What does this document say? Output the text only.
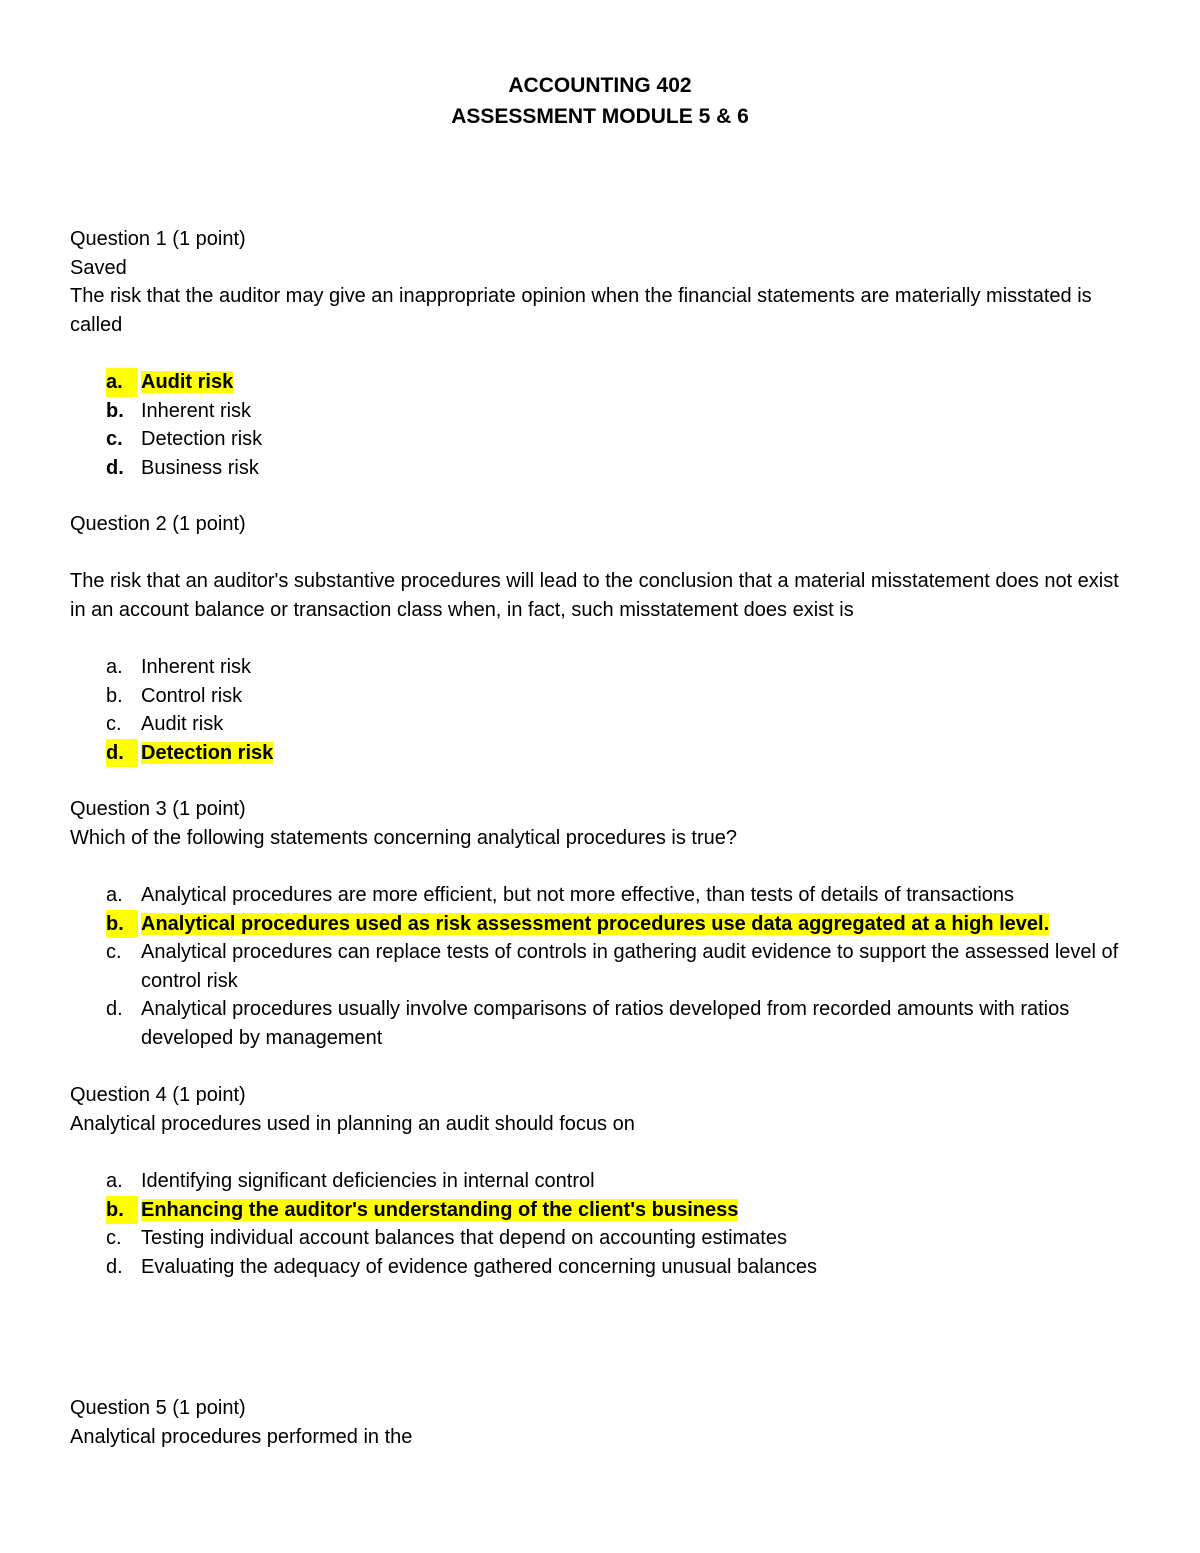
ACCOUNTING 402
ASSESSMENT MODULE 5 & 6

Question 1 (1 point)

Saved

The risk that the auditor may give an inappropriate opinion when the financial statements are materially misstated is called

a. Audit risk
b. Inherent risk
c. Detection risk
d. Business risk

Question 2 (1 point)

The risk that an auditor's substantive procedures will lead to the conclusion that a material misstatement does not exist in an account balance or transaction class when, in fact, such misstatement does exist is

a. Inherent risk
b. Control risk
c. Audit risk
d. Detection risk

Question 3 (1 point)

Which of the following statements concerning analytical procedures is true?

a. Analytical procedures are more efficient, but not more effective, than tests of details of transactions
b. Analytical procedures used as risk assessment procedures use data aggregated at a high level.
c. Analytical procedures can replace tests of controls in gathering audit evidence to support the assessed level of control risk
d. Analytical procedures usually involve comparisons of ratios developed from recorded amounts with ratios developed by management

Question 4 (1 point)

Analytical procedures used in planning an audit should focus on

a. Identifying significant deficiencies in internal control
b. Enhancing the auditor's understanding of the client's business
c. Testing individual account balances that depend on accounting estimates
d. Evaluating the adequacy of evidence gathered concerning unusual balances

Question 5 (1 point)

Analytical procedures performed in the
